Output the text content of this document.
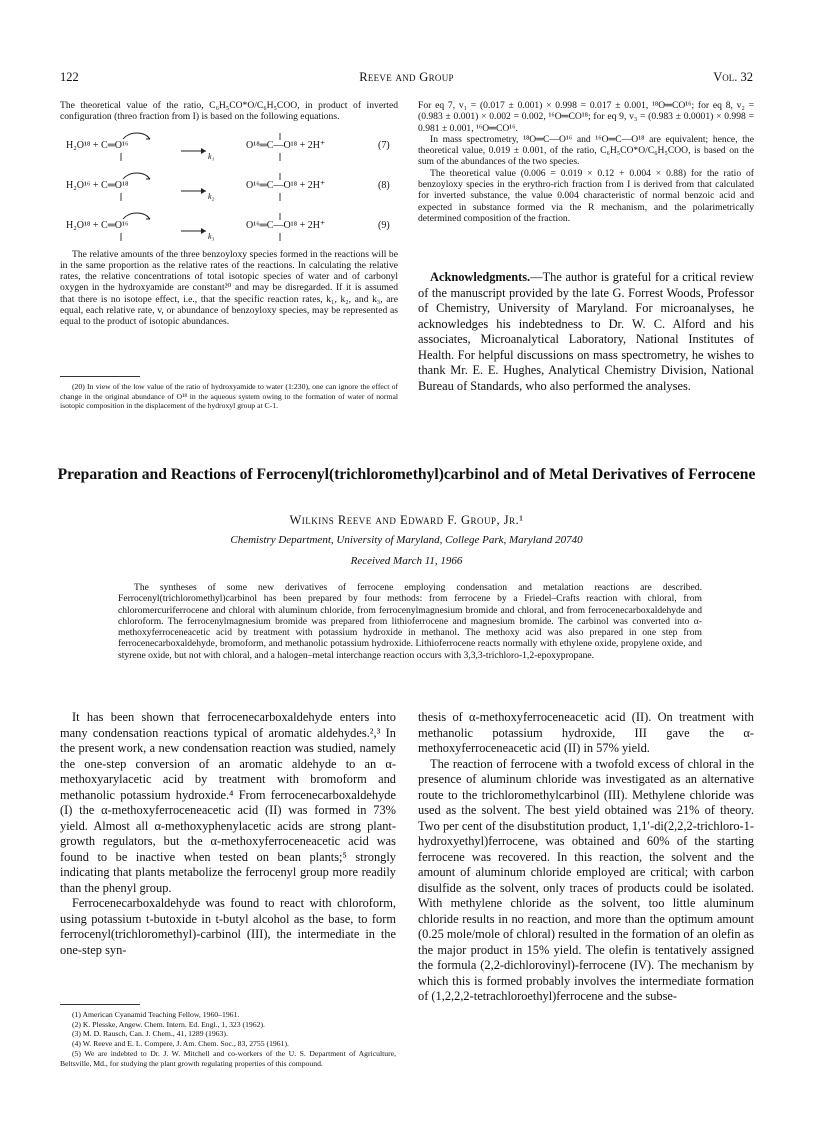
122	Reeve and Group	Vol. 32

The theoretical value of the ratio, C₆H₅CO*O/C₆H₅COO, in product of inverted configuration (threo fraction from I) is based on the following equations.

H₂O¹⁸ + C═O¹⁶
k₁
O¹⁸═C—O¹⁸ + 2H⁺	(7)
H₂O¹⁶ + C═O¹⁸
k₂
O¹⁶═C—O¹⁸ + 2H⁺	(8)
H₂O¹⁸ + C═O¹⁶
k₃
O¹⁶═C—O¹⁸ + 2H⁺	(9)

The relative amounts of the three benzoyloxy species formed in the reactions will be in the same proportion as the relative rates of the reactions. In calculating the relative rates, the relative concentrations of total isotopic species of water and of carbonyl oxygen in the hydroxyamide are constant²⁰ and may be disregarded. If it is assumed that there is no isotope effect, i.e., that the specific reaction rates, k₁, k₂, and k₃, are equal, each relative rate, v, or abundance of benzoyloxy species, may be represented as equal to the product of isotopic abundances.

(20) In view of the low value of the ratio of hydroxyamide to water (1:230), one can ignore the effect of change in the original abundance of O¹⁸ in the aqueous system owing to the formation of water of normal isotopic composition in the displacement of the hydroxyl group at C-1.

For eq 7, v₁ = (0.017 ± 0.001) × 0.998 = 0.017 ± 0.001, ¹⁸O═CO¹⁶; for eq 8, v₂ = (0.983 ± 0.001) × 0.002 = 0.002, ¹⁶O═CO¹⁸; for eq 9, v₃ = (0.983 ± 0.0001) × 0.998 = 0.981 ± 0.001, ¹⁶O═CO¹⁶.

In mass spectrometry, ¹⁸O═C—O¹⁶ and ¹⁶O═C—O¹⁸ are equivalent; hence, the theoretical value, 0.019 ± 0.001, of the ratio, C₆H₅CO*O/C₆H₅COO, is based on the sum of the abundances of the two species.

The theoretical value (0.006 = 0.019 × 0.12 + 0.004 × 0.88) for the ratio of benzoyloxy species in the erythro-rich fraction from I is derived from that calculated for inverted substance, the value 0.004 characteristic of normal benzoic acid and expected in substance formed via the R mechanism, and the polarimetrically determined composition of the fraction.

Acknowledgments.—The author is grateful for a critical review of the manuscript provided by the late G. Forrest Woods, Professor of Chemistry, University of Maryland. For microanalyses, he acknowledges his indebtedness to Dr. W. C. Alford and his associates, Microanalytical Laboratory, National Institutes of Health. For helpful discussions on mass spectrometry, he wishes to thank Mr. E. E. Hughes, Analytical Chemistry Division, National Bureau of Standards, who also performed the analyses.

Preparation and Reactions of Ferrocenyl(trichloromethyl)carbinol and of Metal Derivatives of Ferrocene
Wilkins Reeve and Edward F. Group, Jr.¹
Chemistry Department, University of Maryland, College Park, Maryland 20740
Received March 11, 1966

The syntheses of some new derivatives of ferrocene employing condensation and metalation reactions are described. Ferrocenyl(trichloromethyl)carbinol has been prepared by four methods: from ferrocene by a Friedel–Crafts reaction with chloral, from chloromercuriferrocene and chloral with aluminum chloride, from ferrocenylmagnesium bromide and chloral, and from ferrocenecarboxaldehyde and chloroform. The ferrocenylmagnesium bromide was prepared from lithioferrocene and magnesium bromide. The carbinol was converted into α-methoxyferroceneacetic acid by treatment with potassium hydroxide in methanol. The methoxy acid was also prepared in one step from ferrocenecarboxaldehyde, bromoform, and methanolic potassium hydroxide. Lithioferrocene reacts normally with ethylene oxide, propylene oxide, and styrene oxide, but not with chloral, and a halogen–metal interchange reaction occurs with 3,3,3-trichloro-1,2-epoxypropane.

It has been shown that ferrocenecarboxaldehyde enters into many condensation reactions typical of aromatic aldehydes.²,³ In the present work, a new condensation reaction was studied, namely the one-step conversion of an aromatic aldehyde to an α-methoxyarylacetic acid by treatment with bromoform and methanolic potassium hydroxide.⁴ From ferrocenecarboxaldehyde (I) the α-methoxyferroceneacetic acid (II) was formed in 73% yield. Almost all α-methoxyphenylacetic acids are strong plant-growth regulators, but the α-methoxyferroceneacetic acid was found to be inactive when tested on bean plants;⁵ strongly indicating that plants metabolize the ferrocenyl group more readily than the phenyl group.

Ferrocenecarboxaldehyde was found to react with chloroform, using potassium t-butoxide in t-butyl alcohol as the base, to form ferrocenyl(trichloromethyl)-carbinol (III), the intermediate in the one-step syn-

(1) American Cyanamid Teaching Fellow, 1960–1961.

(2) K. Plesske, Angew. Chem. Intern. Ed. Engl., 1, 323 (1962).

(3) M. D. Rausch, Can. J. Chem., 41, 1289 (1963).

(4) W. Reeve and E. L. Compere, J. Am. Chem. Soc., 83, 2755 (1961).

(5) We are indebted to Dr. J. W. Mitchell and co-workers of the U. S. Department of Agriculture, Beltsville, Md., for studying the plant growth regulating properties of this compound.

thesis of α-methoxyferroceneacetic acid (II). On treatment with methanolic potassium hydroxide, III gave the α-methoxyferroceneacetic acid (II) in 57% yield.

The reaction of ferrocene with a twofold excess of chloral in the presence of aluminum chloride was investigated as an alternative route to the trichloromethylcarbinol (III). Methylene chloride was used as the solvent. The best yield obtained was 21% of theory. Two per cent of the disubstitution product, 1,1′-di(2,2,2-trichloro-1-hydroxyethyl)ferrocene, was obtained and 60% of the starting ferrocene was recovered. In this reaction, the solvent and the amount of aluminum chloride employed are critical; with carbon disulfide as the solvent, only traces of products could be isolated. With methylene chloride as the solvent, too little aluminum chloride results in no reaction, and more than the optimum amount (0.25 mole/mole of chloral) resulted in the formation of an olefin as the major product in 15% yield. The olefin is tentatively assigned the formula (2,2-dichlorovinyl)-ferrocene (IV). The mechanism by which this is formed probably involves the intermediate formation of (1,2,2,2-tetrachloroethyl)ferrocene and the subse-
